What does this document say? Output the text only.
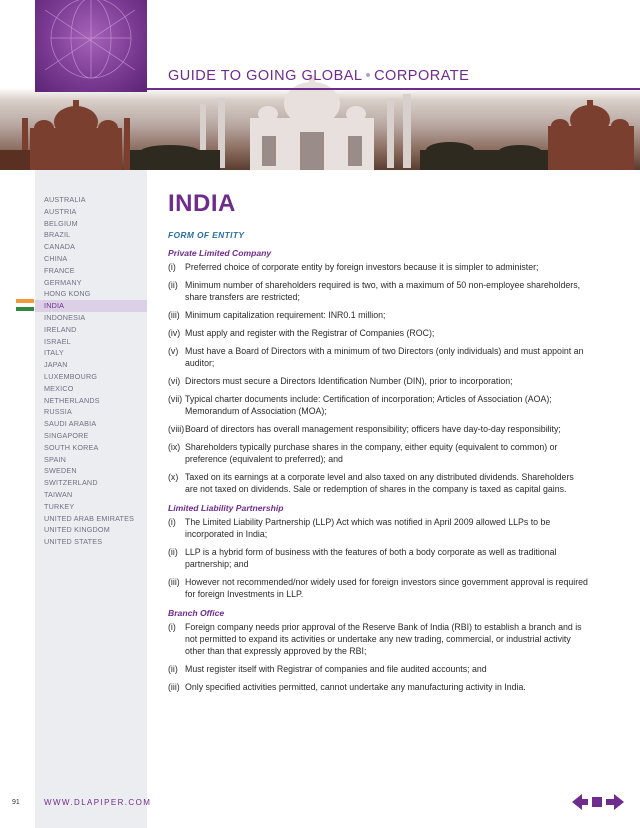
GUIDE TO GOING GLOBAL • CORPORATE
AUSTRALIA
AUSTRIA
BELGIUM
BRAZIL
CANADA
CHINA
FRANCE
GERMANY
HONG KONG
INDIA
INDONESIA
IRELAND
ISRAEL
ITALY
JAPAN
LUXEMBOURG
MEXICO
NETHERLANDS
RUSSIA
SAUDI ARABIA
SINGAPORE
SOUTH KOREA
SPAIN
SWEDEN
SWITZERLAND
TAIWAN
TURKEY
UNITED ARAB EMIRATES
UNITED KINGDOM
UNITED STATES
INDIA
FORM OF ENTITY
Private Limited Company
(i) Preferred choice of corporate entity by foreign investors because it is simpler to administer;
(ii) Minimum number of shareholders required is two, with a maximum of 50 non-employee shareholders, share transfers are restricted;
(iii) Minimum capitalization requirement: INR0.1 million;
(iv) Must apply and register with the Registrar of Companies (ROC);
(v) Must have a Board of Directors with a minimum of two Directors (only individuals) and must appoint an auditor;
(vi) Directors must secure a Directors Identification Number (DIN), prior to incorporation;
(vii) Typical charter documents include: Certification of incorporation; Articles of Association (AOA); Memorandum of Association (MOA);
(viii) Board of directors has overall management responsibility; officers have day-to-day responsibility;
(ix) Shareholders typically purchase shares in the company, either equity (equivalent to common) or preference (equivalent to preferred); and
(x) Taxed on its earnings at a corporate level and also taxed on any distributed dividends. Shareholders are not taxed on dividends. Sale or redemption of shares in the company is taxed as capital gains.
Limited Liability Partnership
(i) The Limited Liability Partnership (LLP) Act which was notified in April 2009 allowed LLPs to be incorporated in India;
(ii) LLP is a hybrid form of business with the features of both a body corporate as well as traditional partnership; and
(iii) However not recommended/nor widely used for foreign investors since government approval is required for foreign Investments in LLP.
Branch Office
(i) Foreign company needs prior approval of the Reserve Bank of India (RBI) to establish a branch and is not permitted to expand its activities or undertake any new trading, commercial, or industrial activity other than that expressly approved by the RBI;
(ii) Must register itself with Registrar of companies and file audited accounts; and
(iii) Only specified activities permitted, cannot undertake any manufacturing activity in India.
91	WWW.DLAPIPER.COM
